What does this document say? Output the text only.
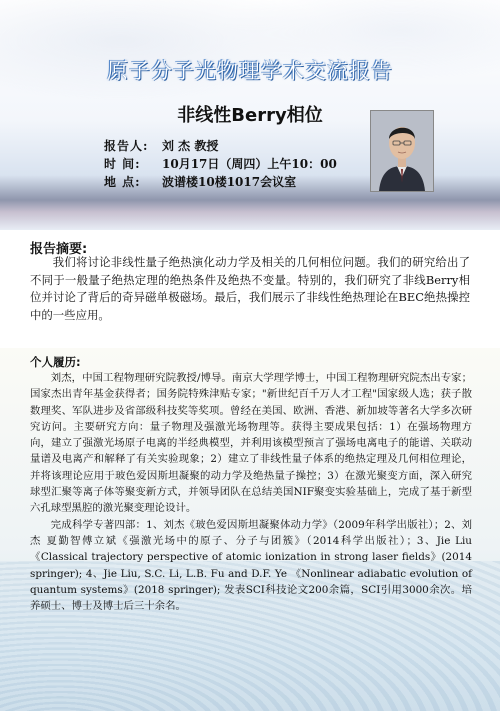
原子分子光物理学术交流报告
非线性Berry相位
报告人:	刘 杰 教授
时 间:	10月17日（周四）上午10：00
地 点:	波谱楼10楼1017会议室
报告摘要:
我们将讨论非线性量子绝热演化动力学及相关的几何相位问题。我们的研究给出了不同于一般量子绝热定理的绝热条件及绝热不变量。特别的，我们研究了非线Berry相位并讨论了背后的奇异磁单极磁场。最后，我们展示了非线性绝热理论在BEC绝热操控中的一些应用。
个人履历:

刘杰，中国工程物理研究院教授/博导。南京大学理学博士，中国工程物理研究院杰出专家；国家杰出青年基金获得者；国务院特殊津贴专家；"新世纪百千万人才工程"国家级人选；获子散数理奖、军队进步及省部级科技奖等奖项。曾经在美国、欧洲、香港、新加坡等著名大学多次研究访问。主要研究方向：量子物理及强激光场物理等。获得主要成果包括：1）在强场物理方向，建立了强激光场原子电离的半经典模型，并利用该模型预言了强场电离电子的能谱、关联动量谱及电离产和解释了有关实验现象；2）建立了非线性量子体系的绝热定理及几何相位理论，并将该理论应用于玻色爱因斯坦凝聚的动力学及绝热量子操控；3）在激光聚变方面，深入研究球型汇聚等离子体等聚变新方式，并领导团队在总结美国NIF聚变实验基础上，完成了基于新型六孔球型黑腔的激光聚变理论设计。

完成科学专著四部：1、刘杰《玻色爱因斯坦凝聚体动力学》（2009年科学出版社）；2、刘杰 夏勤智傅立斌《强激光场中的原子、分子与团簇》（2014科学出版社）；3、Jie Liu 《Classical trajectory perspective of atomic ionization in strong laser fields》(2014 springer); 4、Jie Liu, S.C. Li, L.B. Fu and D.F. Ye 《Nonlinear adiabatic evolution of quantum systems》(2018 springer); 发表SCI科技论文200余篇，SCI引用3000余次。培养硕士、博士及博士后三十余名。
